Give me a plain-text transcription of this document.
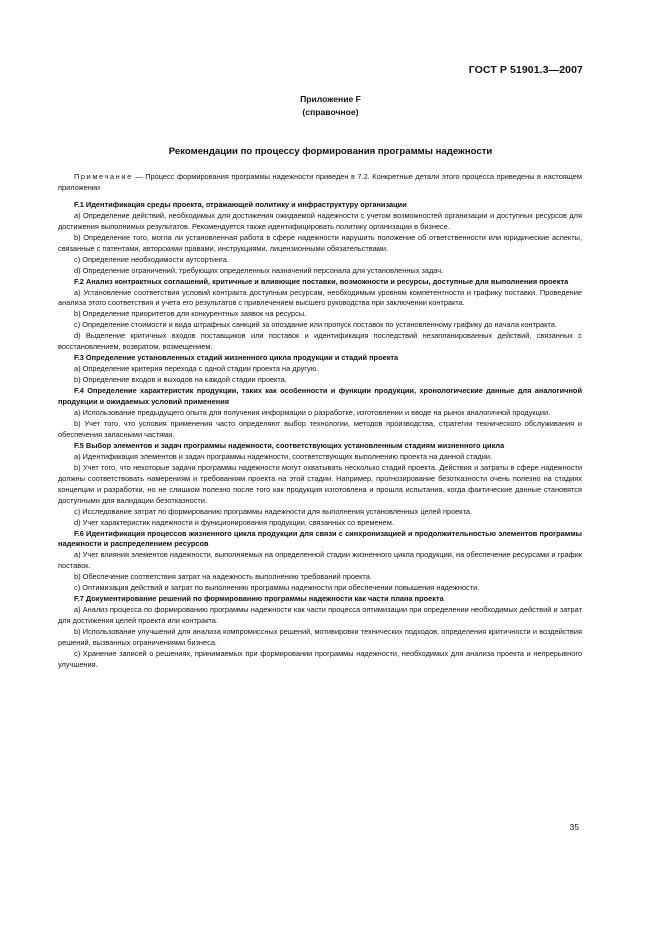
ГОСТ Р 51901.3—2007
Приложение F
(справочное)
Рекомендации по процессу формирования программы надежности

Примечание — Процесс формирования программы надежности приведен в 7.2. Конкретные детали этого процесса приведены в настоящем приложении

F.1 Идентификация среды проекта, отражающей политику и инфраструктуру организации

a) Определение действий, необходимых для достижения ожидаемой надежности с учетом возможностей организации и доступных ресурсов для достижения выполнимых результатов. Рекомендуется также идентифицировать политику организации в бизнесе.

b) Определение того, могла ли установленная работа в сфере надежности нарушить положение об ответственности или юридические аспекты, связанные с патентами, авторскими правами, инструкциями, лицензионными обязательствами.

c) Определение необходимости аутсортинга.

d) Определение ограничений, требующих определенных назначений персонала для установленных задач.

F.2 Анализ контрактных соглашений, критичные и влияющие поставки, возможности и ресурсы, доступные для выполнения проекта

a) Установление соответствия условий контракта доступным ресурсам, необходимым уровням компетентности и графику поставки. Проведение анализа этого соответствия и учета его результатов с привлечением высшего руководства при заключении контракта.

b) Определение приоритетов для конкурентных заявок на ресурсы.

c) Определение стоимости и вида штрафных санкций за опоздание или пропуск поставок по установленному графику до начала контракта.

d) Выделение критичных входов поставщиков или поставок и идентификация последствий незапланированных действий, связанных с восстановлением, возвратом, возмещением.

F.3 Определение установленных стадий жизненного цикла продукции и стадий проекта

a) Определение критерия перехода с одной стадии проекта на другую.

b) Определение входов и выходов на каждой стадии проекта.

F.4 Определение характеристик продукции, таких как особенности и функции продукции, хронологические данные для аналогичной продукции и ожидаемых условий применения

a) Использование предыдущего опыта для получения информации о разработке, изготовлении и вводе на рынок аналогичной продукции.

b) Учет того, что условия применения часто определяют выбор технологии, методов производства, стратегии технического обслуживания и обеспечения запасными частями.

F.5 Выбор элементов и задач программы надежности, соответствующих установленным стадиям жизненного цикла

a) Идентификация элементов и задач программы надежности, соответствующих выполнению проекта на данной стадии.

b) Учет того, что некоторые задачи программы надежности могут охватывать несколько стадий проекта. Действия и затраты в сфере надежности должны соответствовать намерениям и требованиям проекта на этой стадии. Например, прогнозирование безотказности очень полезно на стадиях концепции и разработки, но не слишком полезно после того как продукция изготовлена и прошла испытания, когда фактические данные становятся доступными для валидации безотказности.

c) Исследование затрат по формированию программы надежности для выполнения установленных целей проекта.

d) Учет характеристик надежности и функционирования продукции, связанных со временем.

F.6 Идентификация процессов жизненного цикла продукции для связи с синхронизацией и продолжительностью элементов программы надежности и распределением ресурсов

a) Учет влияния элементов надежности, выполняемых на определенной стадии жизненного цикла продукции, на обеспечение ресурсами и график поставок.

b) Обеспечение соответствия затрат на надежность выполнению требований проекта.

c) Оптимизация действий и затрат по выполнению программы надежности при обеспечении повышения надежности.

F.7 Документирование решений по формированию программы надежности как части плана проекта

a) Анализ процесса по формированию программы надежности как части процесса оптимизации при определении необходимых действий и затрат для достижения целей проекта или контракта.

b) Использование улучшений для анализа компромиссных решений, мотивировки технических подходов, определения критичности и воздействия решений, вызванных ограничениями бизнеса.

c) Хранение записей о решениях, принимаемых при формировании программы надежности, необходимых для анализа проекта и непрерывного улучшения.

35
